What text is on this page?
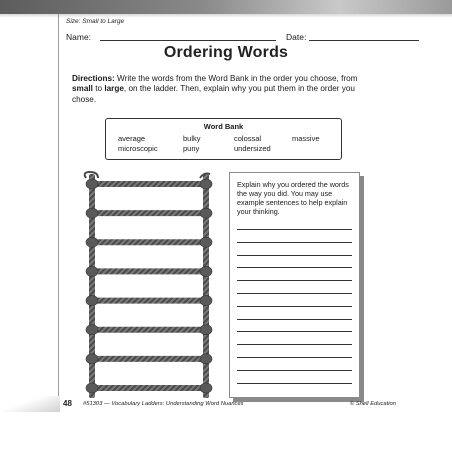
Size: Small to Large
Name:	Date:
Ordering Words
Directions: Write the words from the Word Bank in the order you choose, from small to large, on the ladder. Then, explain why you put them in the order you chose.
Word Bank
average	bulky	colossal	massive
microscopic	puny	undersized
Explain why you ordered the words the way you did. You may use example sentences to help explain your thinking.
48 #51303 — Vocabulary Ladders: Understanding Word Nuances	© Shell Education
